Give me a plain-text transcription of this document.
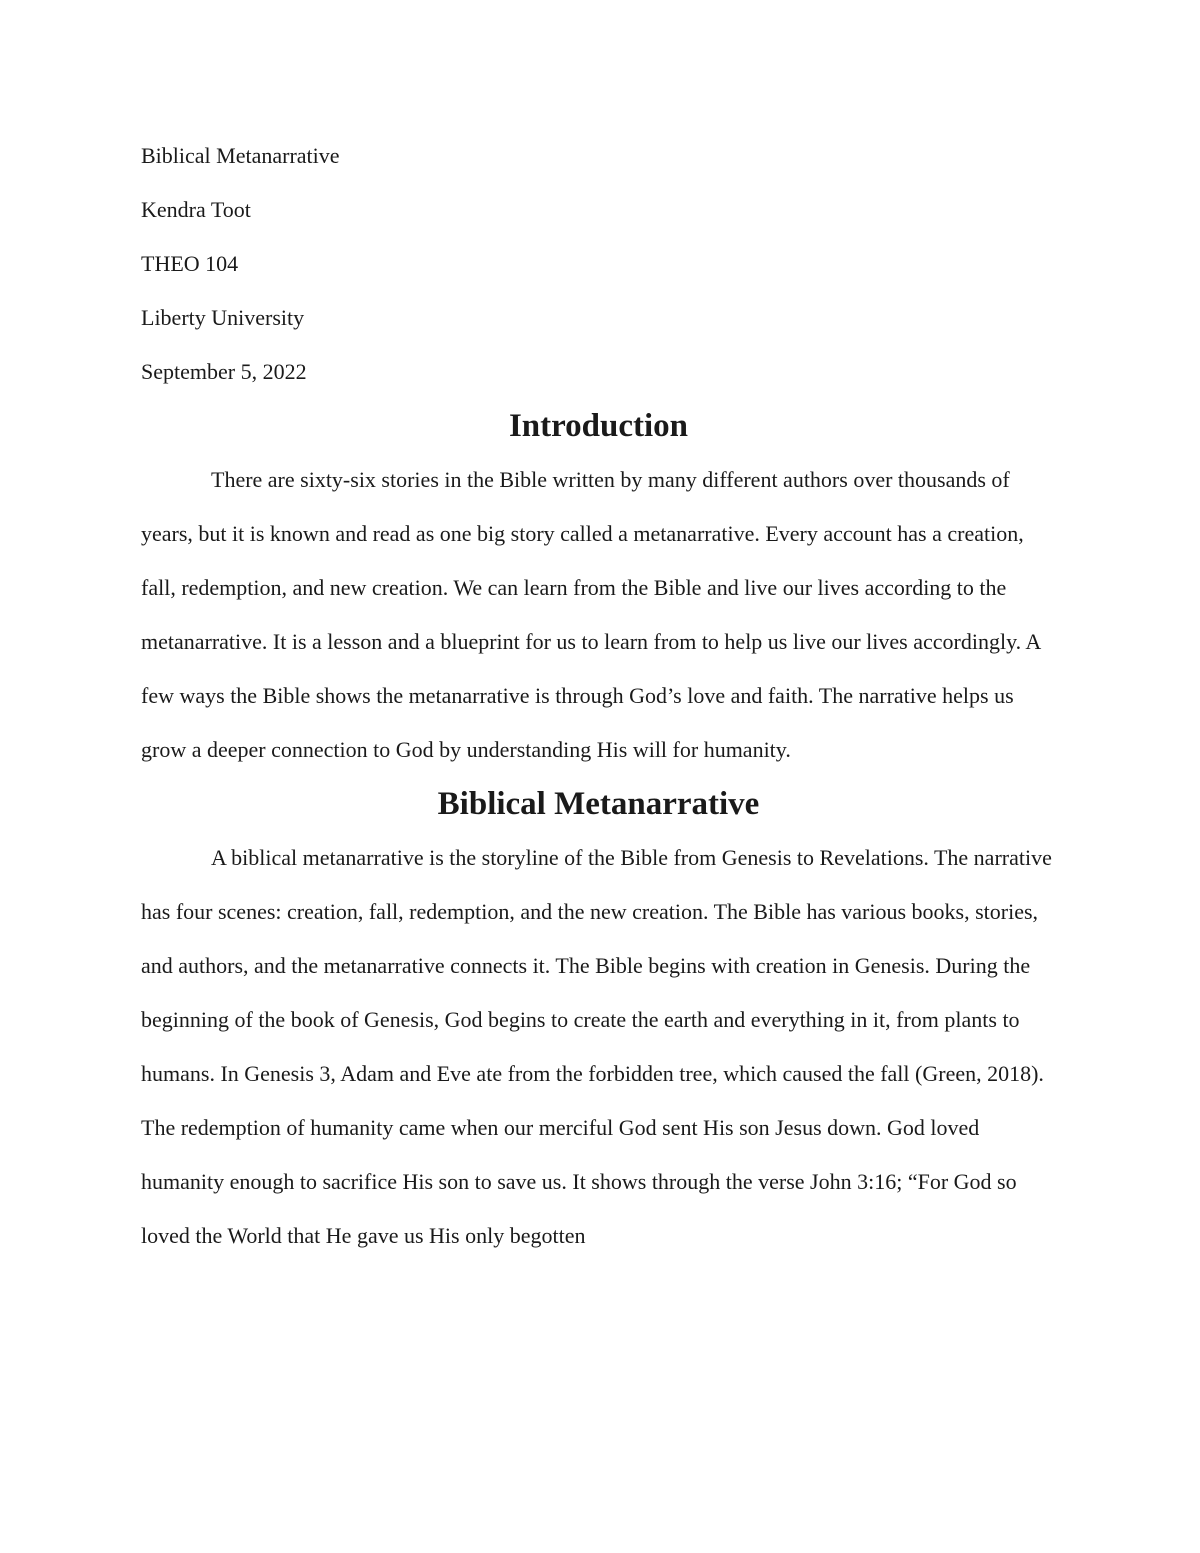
Biblical Metanarrative

Kendra Toot

THEO 104

Liberty University

September 5, 2022

Introduction

There are sixty-six stories in the Bible written by many different authors over thousands of years, but it is known and read as one big story called a metanarrative. Every account has a creation, fall, redemption, and new creation. We can learn from the Bible and live our lives according to the metanarrative. It is a lesson and a blueprint for us to learn from to help us live our lives accordingly. A few ways the Bible shows the metanarrative is through God’s love and faith. The narrative helps us grow a deeper connection to God by understanding His will for humanity.

Biblical Metanarrative

A biblical metanarrative is the storyline of the Bible from Genesis to Revelations. The narrative has four scenes: creation, fall, redemption, and the new creation. The Bible has various books, stories, and authors, and the metanarrative connects it. The Bible begins with creation in Genesis. During the beginning of the book of Genesis, God begins to create the earth and everything in it, from plants to humans. In Genesis 3, Adam and Eve ate from the forbidden tree, which caused the fall (Green, 2018). The redemption of humanity came when our merciful God sent His son Jesus down. God loved humanity enough to sacrifice His son to save us. It shows through the verse John 3:16; “For God so loved the World that He gave us His only begotten
